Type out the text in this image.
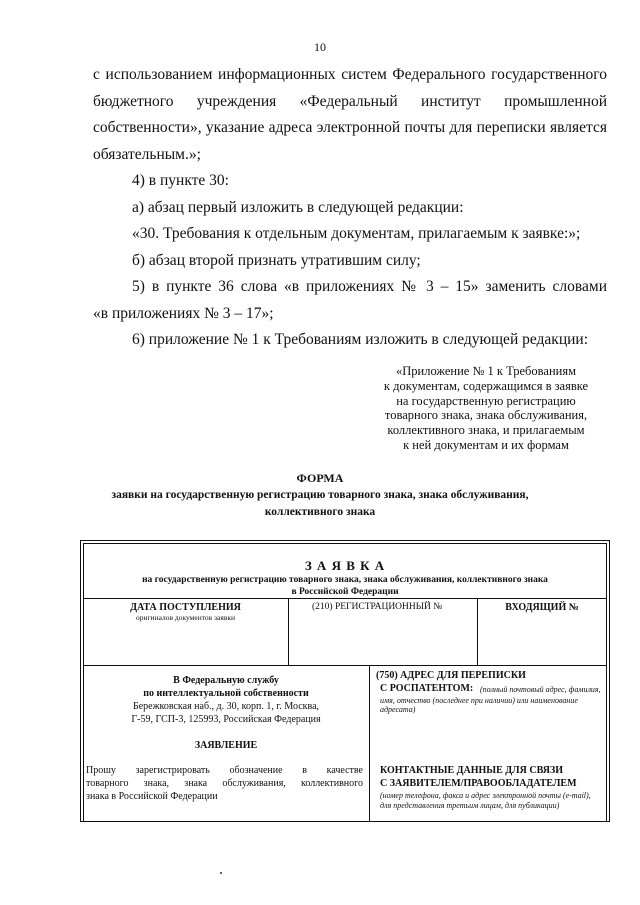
10
с использованием информационных систем Федерального государственного
бюджетного учреждения «Федеральный институт промышленной
собственности», указание адреса электронной почты для переписки является
обязательным.»;
4) в пункте 30:
а) абзац первый изложить в следующей редакции:
«30. Требования к отдельным документам, прилагаемым к заявке:»;
б) абзац второй признать утратившим силу;
5) в пункте 36 слова «в приложениях № 3 – 15» заменить словами
«в приложениях № 3 – 17»;
6) приложение № 1 к Требованиям изложить в следующей редакции:
«Приложение № 1 к Требованиям
к документам, содержащимся в заявке
на государственную регистрацию
товарного знака, знака обслуживания,
коллективного знака, и прилагаемым
к ней документам и их формам
ФОРМА
заявки на государственную регистрацию товарного знака, знака обслуживания,
коллективного знака
З А Я В К А
на государственную регистрацию товарного знака, знака обслуживания, коллективного знака
в Российской Федерации
ДАТА ПОСТУПЛЕНИЯ
оригиналов документов заявки
(210) РЕГИСТРАЦИОННЫЙ №	ВХОДЯЩИЙ №
В Федеральную службу
по интеллектуальной собственности
Бережковская наб., д. 30, корп. 1, г. Москва,
Г-59, ГСП-3, 125993, Российская Федерация
ЗАЯВЛЕНИЕ
Прошу зарегистрировать обозначение в качестве
товарного знака, знака обслуживания, коллективного
знака в Российской Федерации
(750) АДРЕС ДЛЯ ПЕРЕПИСКИ
С РОСПАТЕНТОМ: (полный почтовый адрес, фамилия,
имя, отчество (последнее при наличии) или наименование
адресата)
КОНТАКТНЫЕ ДАННЫЕ ДЛЯ СВЯЗИ
С ЗАЯВИТЕЛЕМ/ПРАВООБЛАДАТЕЛЕМ
(номер телефона, факса и адрес электронной почты (e-mail),
для представления третьим лицам, для публикации)
